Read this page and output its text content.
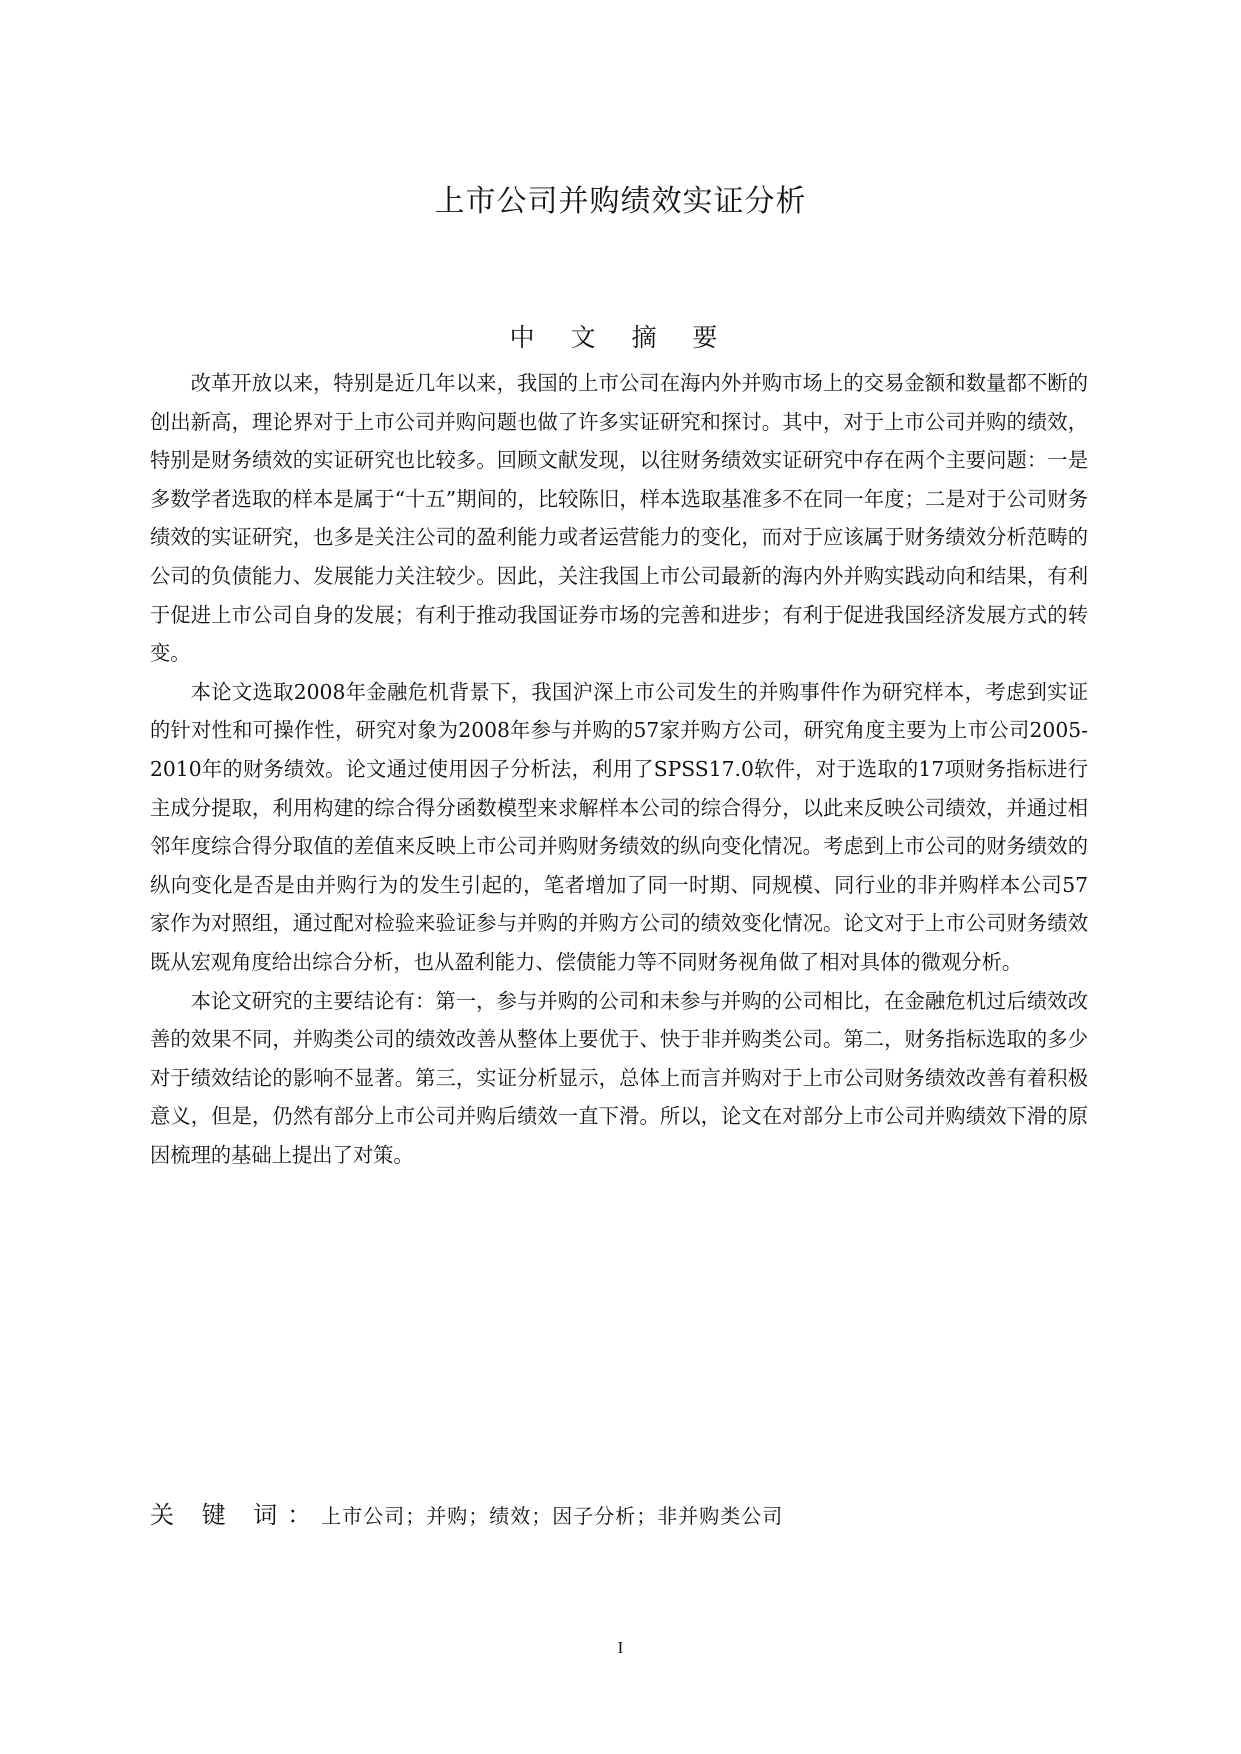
上市公司并购绩效实证分析
中 文 摘 要

改革开放以来，特别是近几年以来，我国的上市公司在海内外并购市场上的交易金额和数量都不断的创出新高，理论界对于上市公司并购问题也做了许多实证研究和探讨。其中，对于上市公司并购的绩效，特别是财务绩效的实证研究也比较多。回顾文献发现，以往财务绩效实证研究中存在两个主要问题：一是多数学者选取的样本是属于“十五”期间的，比较陈旧，样本选取基准多不在同一年度；二是对于公司财务绩效的实证研究，也多是关注公司的盈利能力或者运营能力的变化，而对于应该属于财务绩效分析范畴的公司的负债能力、发展能力关注较少。因此，关注我国上市公司最新的海内外并购实践动向和结果，有利于促进上市公司自身的发展；有利于推动我国证券市场的完善和进步；有利于促进我国经济发展方式的转变。

本论文选取2008年金融危机背景下，我国沪深上市公司发生的并购事件作为研究样本，考虑到实证的针对性和可操作性，研究对象为2008年参与并购的57家并购方公司，研究角度主要为上市公司2005-2010年的财务绩效。论文通过使用因子分析法，利用了SPSS17.0软件，对于选取的17项财务指标进行主成分提取，利用构建的综合得分函数模型来求解样本公司的综合得分，以此来反映公司绩效，并通过相邻年度综合得分取值的差值来反映上市公司并购财务绩效的纵向变化情况。考虑到上市公司的财务绩效的纵向变化是否是由并购行为的发生引起的，笔者增加了同一时期、同规模、同行业的非并购样本公司57家作为对照组，通过配对检验来验证参与并购的并购方公司的绩效变化情况。论文对于上市公司财务绩效既从宏观角度给出综合分析，也从盈利能力、偿债能力等不同财务视角做了相对具体的微观分析。

本论文研究的主要结论有：第一，参与并购的公司和未参与并购的公司相比，在金融危机过后绩效改善的效果不同，并购类公司的绩效改善从整体上要优于、快于非并购类公司。第二，财务指标选取的多少对于绩效结论的影响不显著。第三，实证分析显示，总体上而言并购对于上市公司财务绩效改善有着积极意义，但是，仍然有部分上市公司并购后绩效一直下滑。所以，论文在对部分上市公司并购绩效下滑的原因梳理的基础上提出了对策。

关 键 词：上市公司；并购；绩效；因子分析；非并购类公司
I
